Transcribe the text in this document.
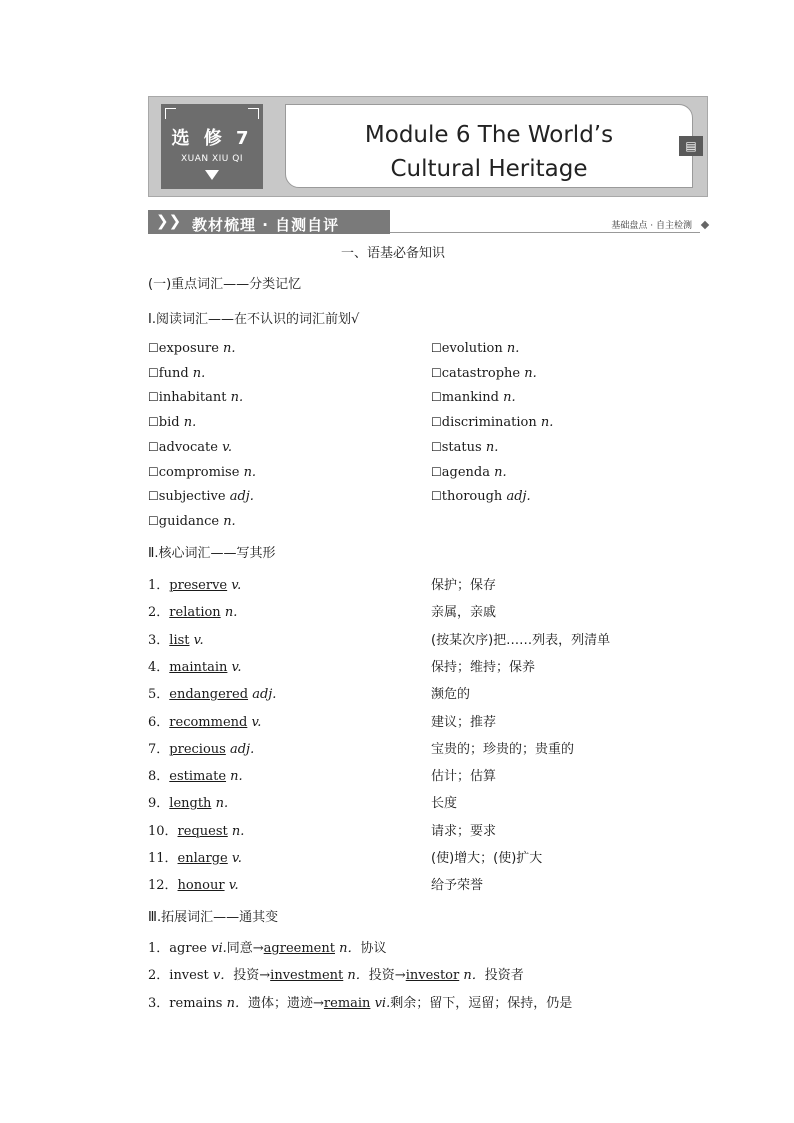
选 修 7
XUAN XIU QI
Module 6 The World’s
Cultural Heritage
▤
❯❯ 教材梳理 · 自测自评	基础盘点 · 自主检测
一、语基必备知识
(一)重点词汇——分类记忆
Ⅰ.阅读词汇——在不认识的词汇前划√
☐exposure n.	☐evolution n.
☐fund n.	☐catastrophe n.
☐inhabitant n.	☐mankind n.
☐bid n.	☐discrimination n.
☐advocate v.	☐status n.
☐compromise n.	☐agenda n.
☐subjective adj.	☐thorough adj.
☐guidance n.
Ⅱ.核心词汇——写其形
1．preserve v.	保护；保存
2．relation n.	亲属，亲戚
3．list v.	(按某次序)把……列表，列清单
4．maintain v.	保持；维持；保养
5．endangered adj.	濒危的
6．recommend v.	建议；推荐
7．precious adj.	宝贵的；珍贵的；贵重的
8．estimate n.	估计；估算
9．length n.	长度
10．request n.	请求；要求
11．enlarge v.	(使)增大；(使)扩大
12．honour v.	给予荣誉
Ⅲ.拓展词汇——通其变
1．agree vi.同意→agreement n．协议
2．invest v．投资→investment n．投资→investor n．投资者
3．remains n．遗体；遗迹→remain vi.剩余；留下，逗留；保持，仍是
